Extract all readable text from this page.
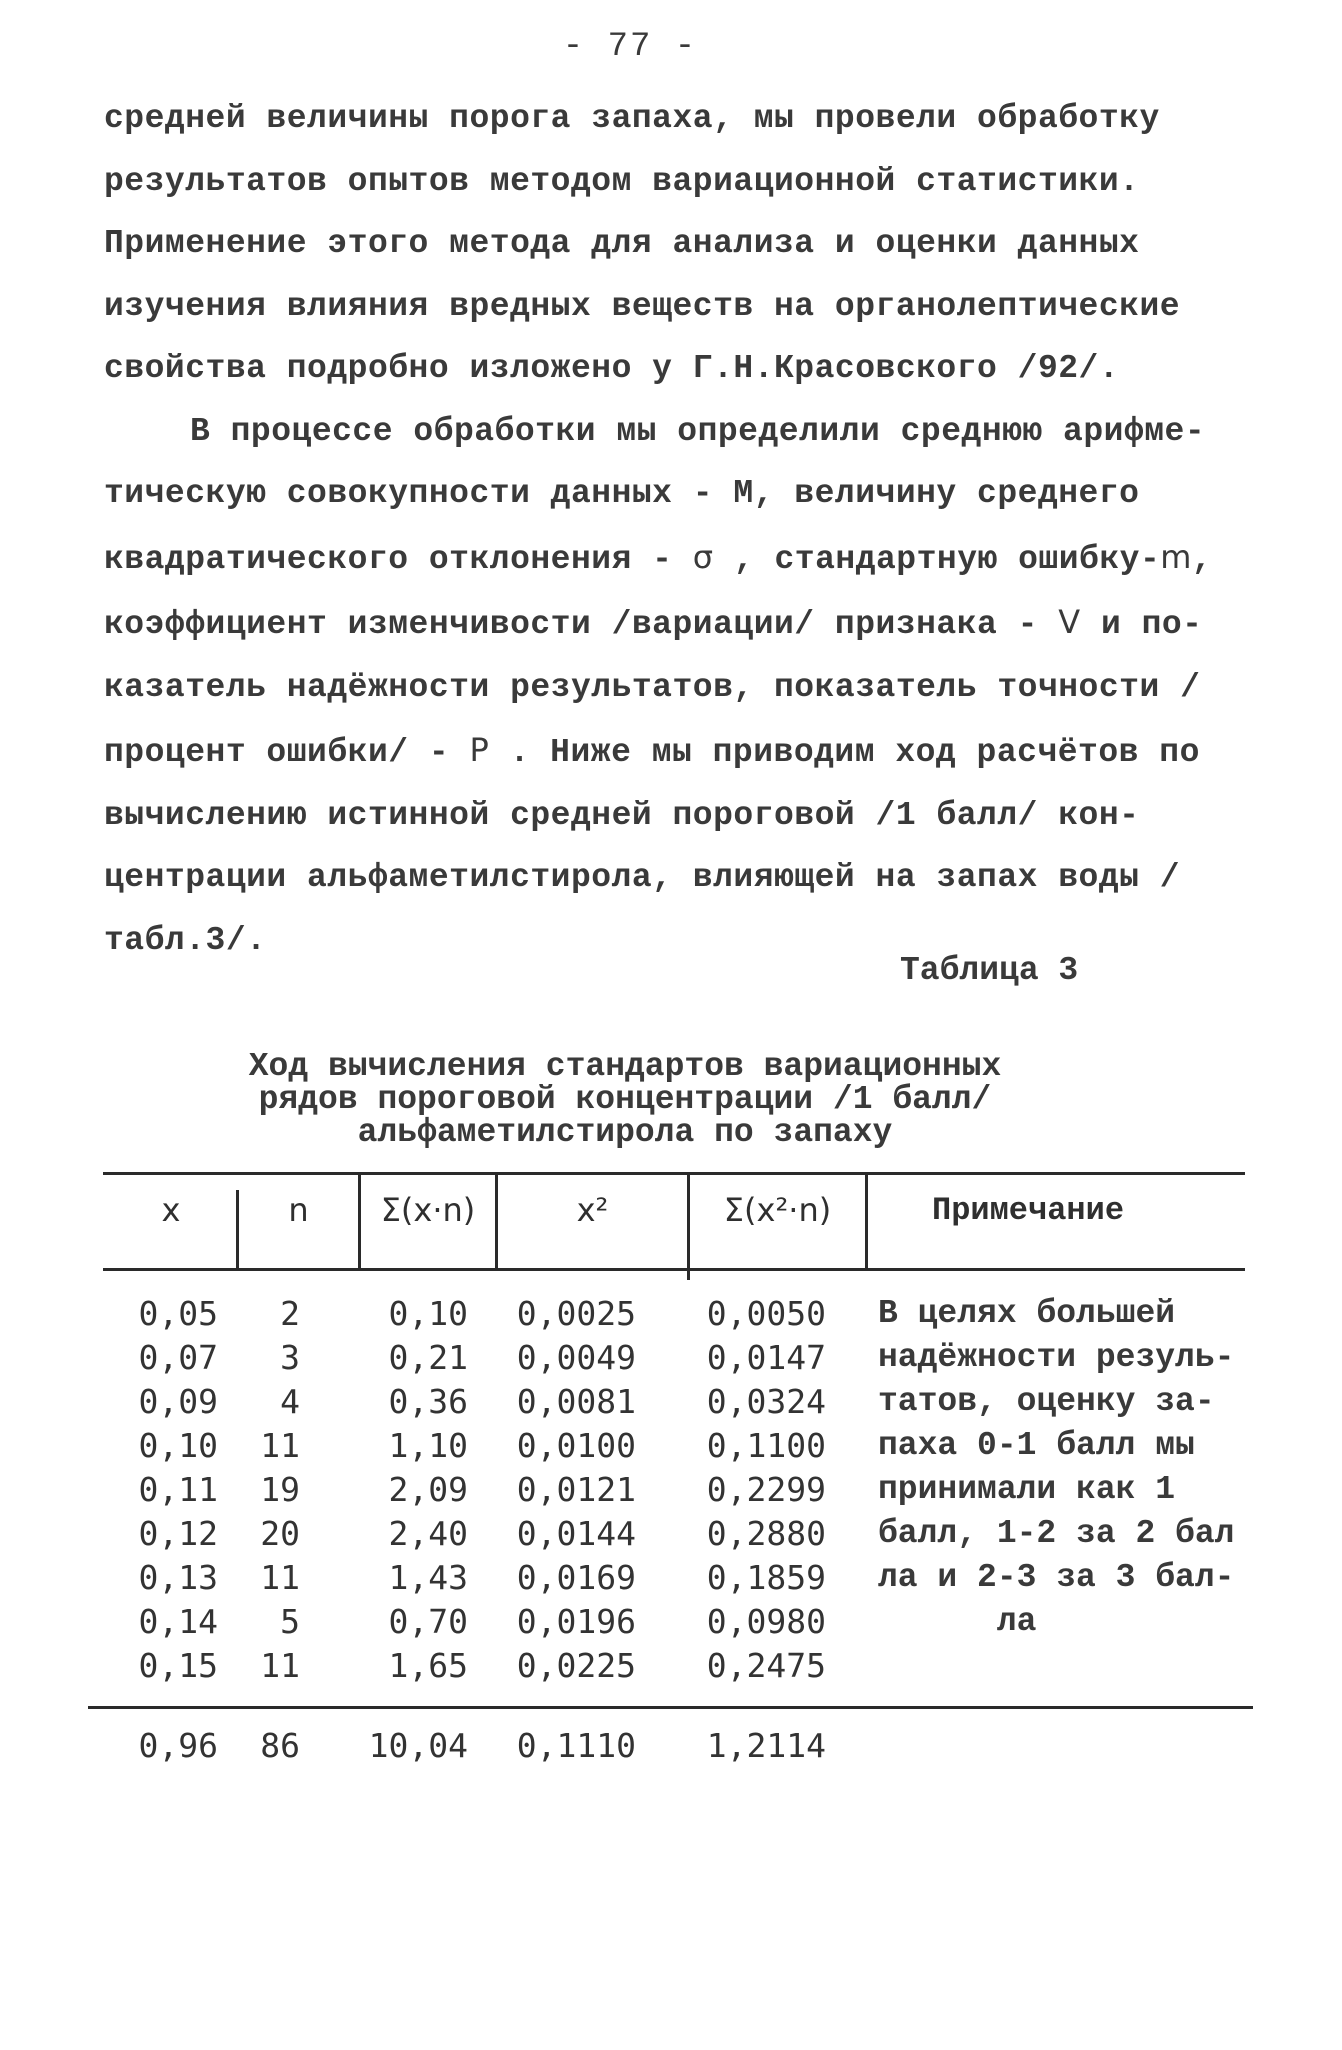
- 77 -

средней величины порога запаха, мы провели обработку результатов опытов методом вариационной статистики. Применение этого метода для анализа и оценки данных изучения влияния вредных веществ на органолептические свойства подробно изложено у Г.Н.Красовского /92/.

В процессе обработки мы определили среднюю арифме- тическую совокупности данных - М, величину среднего квадратического отклонения - σ , стандартную ошибку-m, коэффициент изменчивости /вариации/ признака - V и по- казатель надёжности результатов, показатель точности /процент ошибки/ - P . Ниже мы приводим ход расчётов по вычислению истинной средней пороговой /1 балл/ кон- центрации альфаметилстирола, влияющей на запах воды /табл.3/.

Таблица 3
Ход вычисления стандартов вариационных
рядов пороговой концентрации /1 балл/
альфаметилстирола по запаху
x	n	Σ(x·n)	x²	Σ(x²·n)	Примечание
0,05	2	0,10	0,0025	0,0050
0,07	3	0,21	0,0049	0,0147
0,09	4	0,36	0,0081	0,0324
0,10	11	1,10	0,0100	0,1100
0,11	19	2,09	0,0121	0,2299
0,12	20	2,40	0,0144	0,2880
0,13	11	1,43	0,0169	0,1859
0,14	5	0,70	0,0196	0,0980
0,15	11	1,65	0,0225	0,2475
0,96	86	10,04	0,1110	1,2114
В целях большей
надёжности резуль-
татов, оценку за-
паха 0-1 балл мы
принимали как 1
балл, 1-2 за 2 бал
ла и 2-3 за 3 бал-
ла
